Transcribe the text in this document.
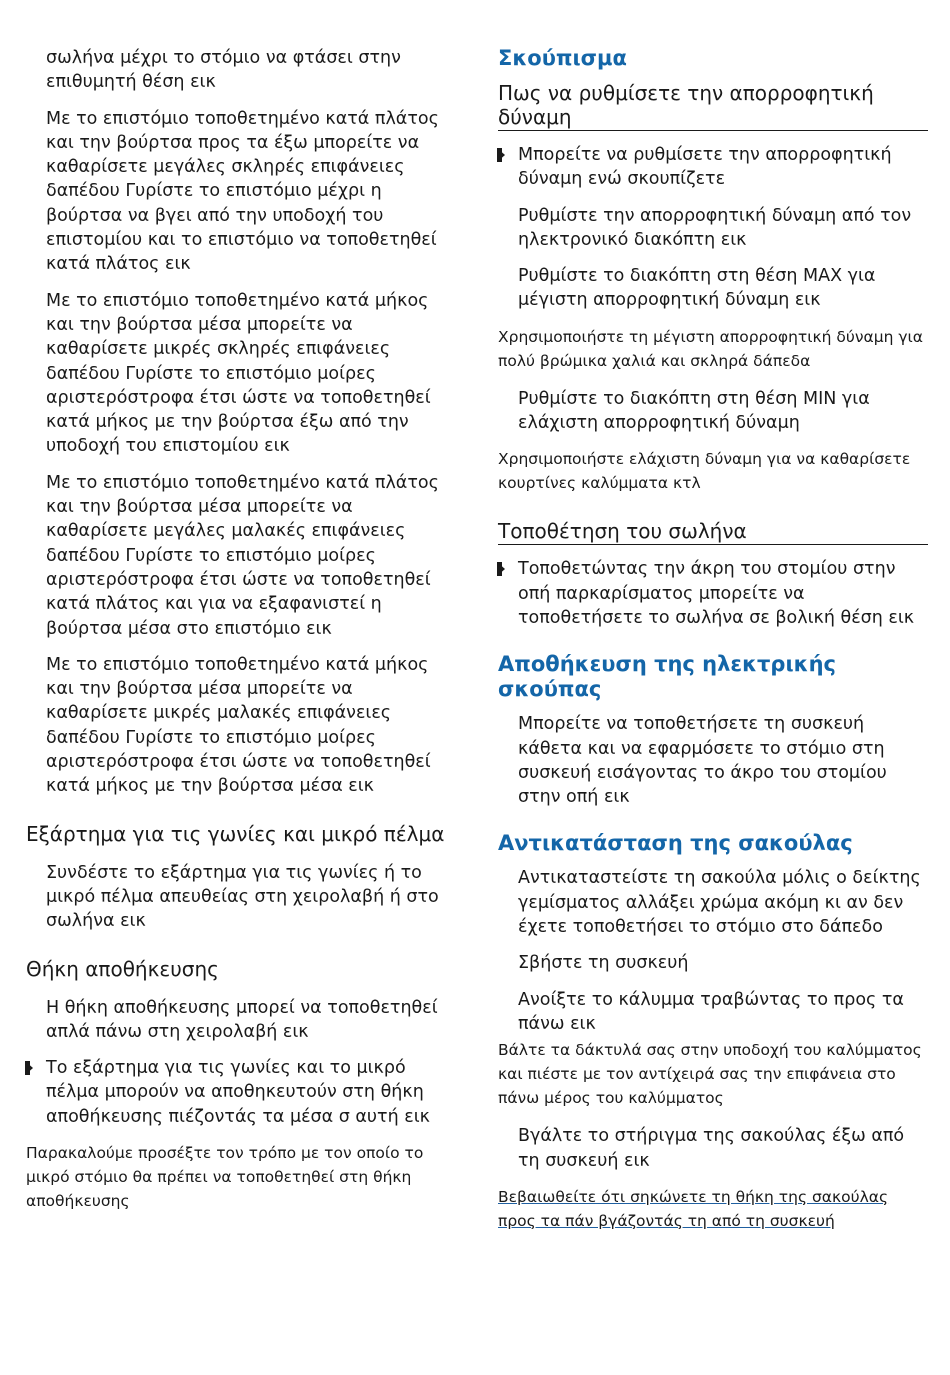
σωλήνα μέχρι το στόμιο να φτάσει στην επιθυμητή θέση εικ

Με το επιστόμιο τοποθετημένο κατά πλάτος και την βούρτσα προς τα έξω μπορείτε να καθαρίσετε μεγάλες σκληρές επιφάνειες δαπέδου Γυρίστε το επιστόμιο μέχρι η βούρτσα να βγει από την υποδοχή του επιστομίου και το επιστόμιο να τοποθετηθεί κατά πλάτος εικ

Με το επιστόμιο τοποθετημένο κατά μήκος και την βούρτσα μέσα μπορείτε να καθαρίσετε μικρές σκληρές επιφάνειες δαπέδου Γυρίστε το επιστόμιο μοίρες αριστερόστροφα έτσι ώστε να τοποθετηθεί κατά μήκος με την βούρτσα έξω από την υποδοχή του επιστομίου εικ

Με το επιστόμιο τοποθετημένο κατά πλάτος και την βούρτσα μέσα μπορείτε να καθαρίσετε μεγάλες μαλακές επιφάνειες δαπέδου Γυρίστε το επιστόμιο μοίρες αριστερόστροφα έτσι ώστε να τοποθετηθεί κατά πλάτος και για να εξαφανιστεί η βούρτσα μέσα στο επιστόμιο εικ

Με το επιστόμιο τοποθετημένο κατά μήκος και την βούρτσα μέσα μπορείτε να καθαρίσετε μικρές μαλακές επιφάνειες δαπέδου Γυρίστε το επιστόμιο μοίρες αριστερόστροφα έτσι ώστε να τοποθετηθεί κατά μήκος με την βούρτσα μέσα εικ

Εξάρτημα για τις γωνίες και μικρό πέλμα

Συνδέστε το εξάρτημα για τις γωνίες ή το μικρό πέλμα απευθείας στη χειρολαβή ή στο σωλήνα εικ

Θήκη αποθήκευσης

Η θήκη αποθήκευσης μπορεί να τοποθετηθεί απλά πάνω στη χειρολαβή εικ

Το εξάρτημα για τις γωνίες και το μικρό πέλμα μπορούν να αποθηκευτούν στη θήκη αποθήκευσης πιέζοντάς τα μέσα σ αυτή εικ

Παρακαλούμε προσέξτε τον τρόπο με τον οποίο το μικρό στόμιο θα πρέπει να τοποθετηθεί στη θήκη αποθήκευσης

Σκούπισμα

Πως να ρυθμίσετε την απορροφητική δύναμη

Μπορείτε να ρυθμίσετε την απορροφητική δύναμη ενώ σκουπίζετε

Ρυθμίστε την απορροφητική δύναμη από τον ηλεκτρονικό διακόπτη εικ

Ρυθμίστε το διακόπτη στη θέση MAX για μέγιστη απορροφητική δύναμη εικ

Χρησιμοποιήστε τη μέγιστη απορροφητική δύναμη για πολύ βρώμικα χαλιά και σκληρά δάπεδα

Ρυθμίστε το διακόπτη στη θέση MIN για ελάχιστη απορροφητική δύναμη

Χρησιμοποιήστε ελάχιστη δύναμη για να καθαρίσετε κουρτίνες καλύμματα κτλ

Τοποθέτηση του σωλήνα

Τοποθετώντας την άκρη του στομίου στην οπή παρκαρίσματος μπορείτε να τοποθετήσετε το σωλήνα σε βολική θέση εικ

Αποθήκευση της ηλεκτρικής σκούπας

Μπορείτε να τοποθετήσετε τη συσκευή κάθετα και να εφαρμόσετε το στόμιο στη συσκευή εισάγοντας το άκρο του στομίου στην οπή εικ

Αντικατάσταση της σακούλας

Αντικαταστείστε τη σακούλα μόλις ο δείκτης γεμίσματος αλλάξει χρώμα ακόμη κι αν δεν έχετε τοποθετήσει το στόμιο στο δάπεδο

Σβήστε τη συσκευή

Ανοίξτε το κάλυμμα τραβώντας το προς τα πάνω εικ

Βάλτε τα δάκτυλά σας στην υποδοχή του καλύμματος και πιέστε με τον αντίχειρά σας την επιφάνεια στο πάνω μέρος του καλύμματος

Βγάλτε το στήριγμα της σακούλας έξω από τη συσκευή εικ

Βεβαιωθείτε ότι σηκώνετε τη θήκη της σακούλας
προς τα πάν βγάζοντάς τη από τη συσκευή
